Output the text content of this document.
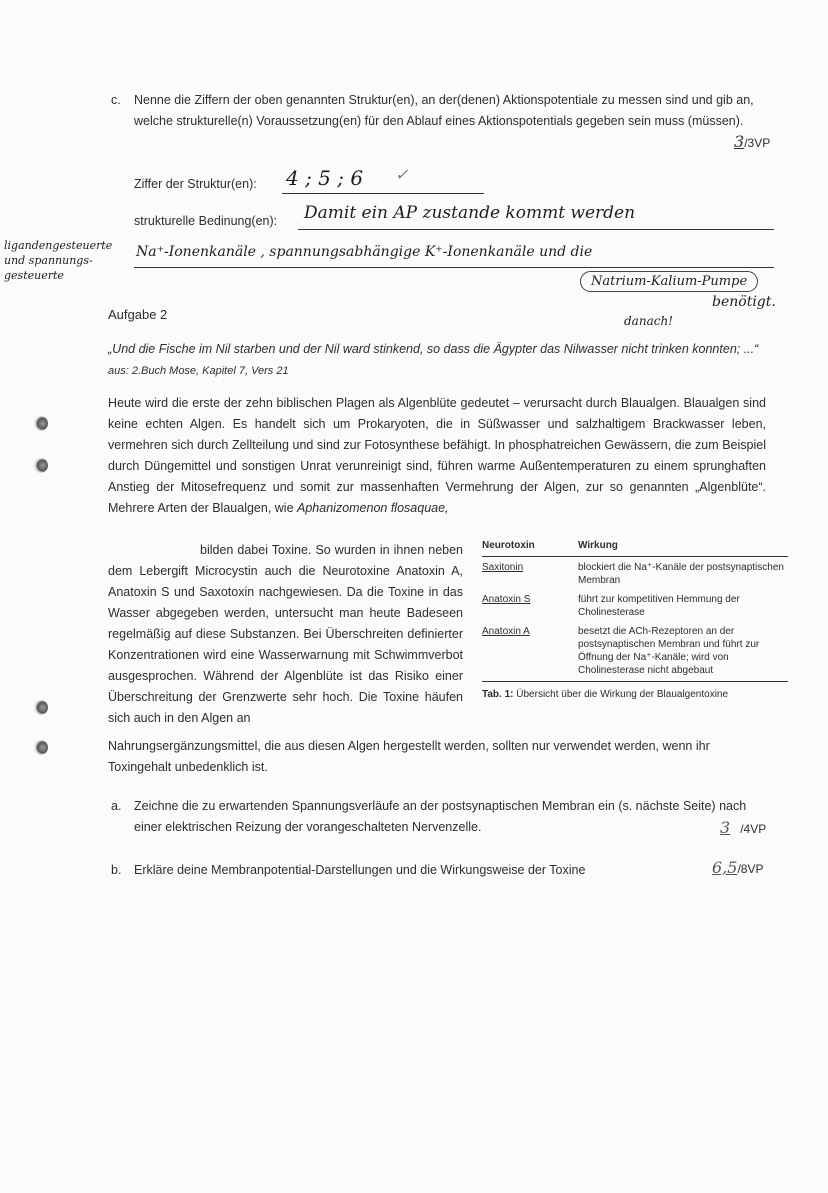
c. Nenne die Ziffern der oben genannten Struktur(en), an der(denen) Aktionspotentiale zu messen sind und gib an, welche strukturelle(n) Voraussetzung(en) für den Ablauf eines Aktionspotentials gegeben sein muss (müssen).
3/3VP
Ziffer der Struktur(en): 4 ; 5 ; 6 ✓
strukturelle Bedinung(en): Damit ein AP zustande kommt werden
ligandengesteuerte und spannungs-gesteuerte
Na⁺-Ionenkanäle , spannungsabhängige K⁺-Ionenkanäle und die
Natrium-Kalium-Pumpe
benötigt.
danach!
Aufgabe 2
„Und die Fische im Nil starben und der Nil ward stinkend, so dass die Ägypter das Nilwasser nicht trinken konnten; ...“ aus: 2.Buch Mose, Kapitel 7, Vers 21
Heute wird die erste der zehn biblischen Plagen als Algenblüte gedeutet – verursacht durch Blaualgen. Blaualgen sind keine echten Algen. Es handelt sich um Prokaryoten, die in Süßwasser und salzhaltigem Brackwasser leben, vermehren sich durch Zellteilung und sind zur Fotosynthese befähigt. In phosphatreichen Gewässern, die zum Beispiel durch Düngemittel und sonstigen Unrat verunreinigt sind, führen warme Außentemperaturen zu einem sprunghaften Anstieg der Mitosefrequenz und somit zur massenhaften Vermehrung der Algen, zur so genannten „Algenblüte“. Mehrere Arten der Blaualgen, wie Aphanizomenon flosaquae,
bilden dabei Toxine. So wurden in ihnen neben dem Lebergift Microcystin auch die Neurotoxine Anatoxin A, Anatoxin S und Saxotoxin nachgewiesen. Da die Toxine in das Wasser abgegeben werden, untersucht man heute Badeseen regelmäßig auf diese Substanzen. Bei Überschreiten definierter Konzentrationen wird eine Wasserwarnung mit Schwimmverbot ausgesprochen. Während der Algenblüte ist das Risiko einer Überschreitung der Grenzwerte sehr hoch. Die Toxine häufen sich auch in den Algen an
Nahrungsergänzungsmittel, die aus diesen Algen hergestellt werden, sollten nur verwendet werden, wenn ihr Toxingehalt unbedenklich ist.
Neurotoxin	Wirkung
Saxitonin	blockiert die Na⁺-Kanäle der postsynaptischen Membran
Anatoxin S	führt zur kompetitiven Hemmung der Cholinesterase
Anatoxin A	besetzt die ACh-Rezeptoren an der postsynaptischen Membran und führt zur Öffnung der Na⁺-Kanäle; wird von Cholinesterase nicht abgebaut
Tab. 1: Übersicht über die Wirkung der Blaualgentoxine
a. Zeichne die zu erwartenden Spannungsverläufe an der postsynaptischen Membran ein (s. nächste Seite) nach einer elektrischen Reizung der vorangeschalteten Nervenzelle.	3 /4VP
b. Erkläre deine Membranpotential-Darstellungen und die Wirkungsweise der Toxine	6,5/8VP
